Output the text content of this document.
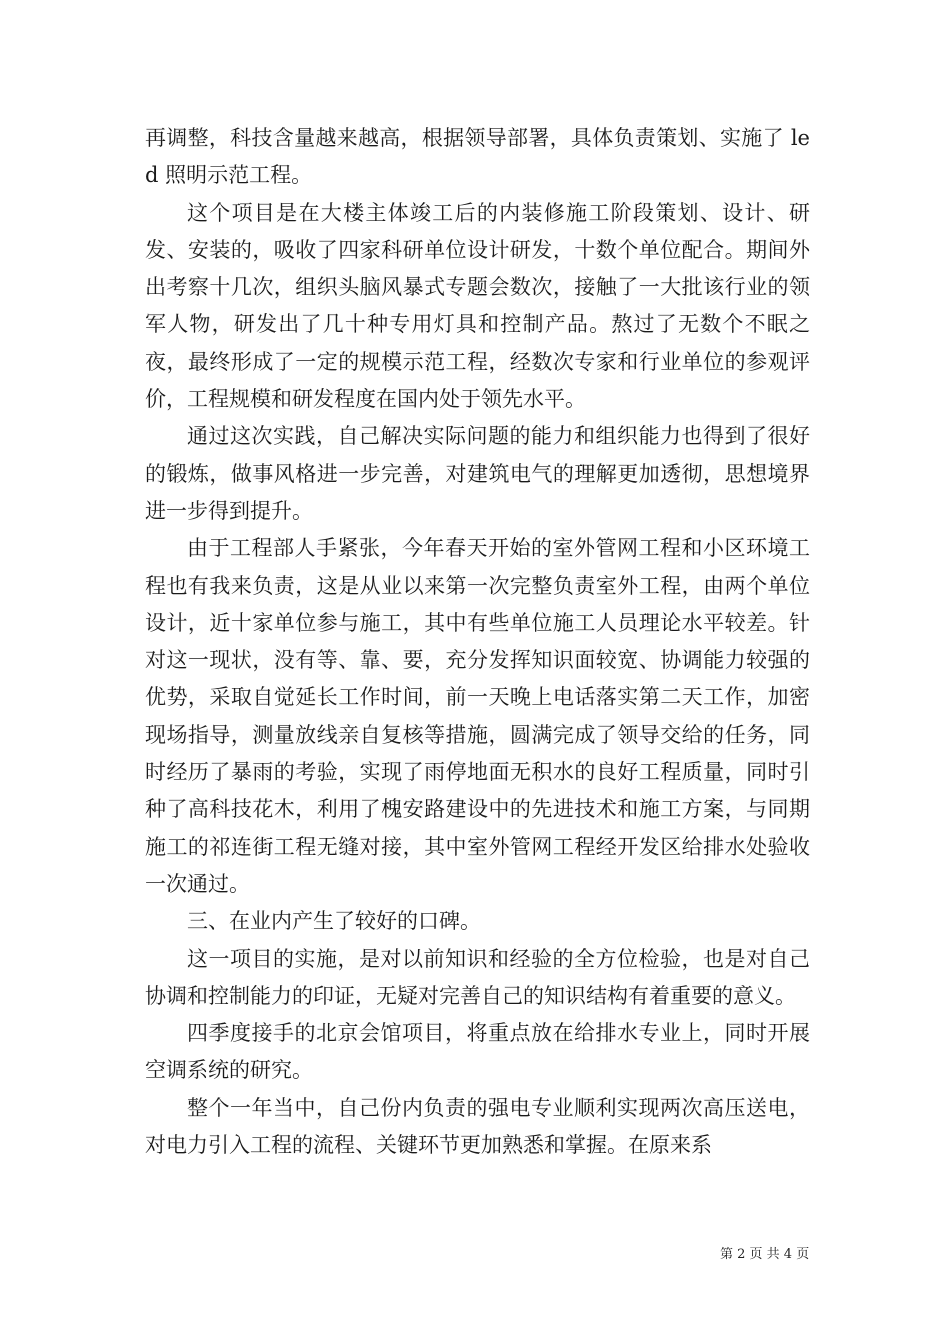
再调整，科技含量越来越高，根据领导部署，具体负责策划、实施了 led 照明示范工程。

这个项目是在大楼主体竣工后的内装修施工阶段策划、设计、研发、安装的，吸收了四家科研单位设计研发，十数个单位配合。期间外出考察十几次，组织头脑风暴式专题会数次，接触了一大批该行业的领军人物，研发出了几十种专用灯具和控制产品。熬过了无数个不眠之夜，最终形成了一定的规模示范工程，经数次专家和行业单位的参观评价，工程规模和研发程度在国内处于领先水平。

通过这次实践，自己解决实际问题的能力和组织能力也得到了很好的锻炼，做事风格进一步完善，对建筑电气的理解更加透彻，思想境界进一步得到提升。

由于工程部人手紧张，今年春天开始的室外管网工程和小区环境工程也有我来负责，这是从业以来第一次完整负责室外工程，由两个单位设计，近十家单位参与施工，其中有些单位施工人员理论水平较差。针对这一现状，没有等、靠、要，充分发挥知识面较宽、协调能力较强的优势，采取自觉延长工作时间，前一天晚上电话落实第二天工作，加密现场指导，测量放线亲自复核等措施，圆满完成了领导交给的任务，同时经历了暴雨的考验，实现了雨停地面无积水的良好工程质量，同时引种了高科技花木，利用了槐安路建设中的先进技术和施工方案，与同期施工的祁连街工程无缝对接，其中室外管网工程经开发区给排水处验收一次通过。

三、在业内产生了较好的口碑。

这一项目的实施，是对以前知识和经验的全方位检验，也是对自己协调和控制能力的印证，无疑对完善自己的知识结构有着重要的意义。

四季度接手的北京会馆项目，将重点放在给排水专业上，同时开展空调系统的研究。

整个一年当中，自己份内负责的强电专业顺利实现两次高压送电，对电力引入工程的流程、关键环节更加熟悉和掌握。在原来系

第 2 页 共 4 页
